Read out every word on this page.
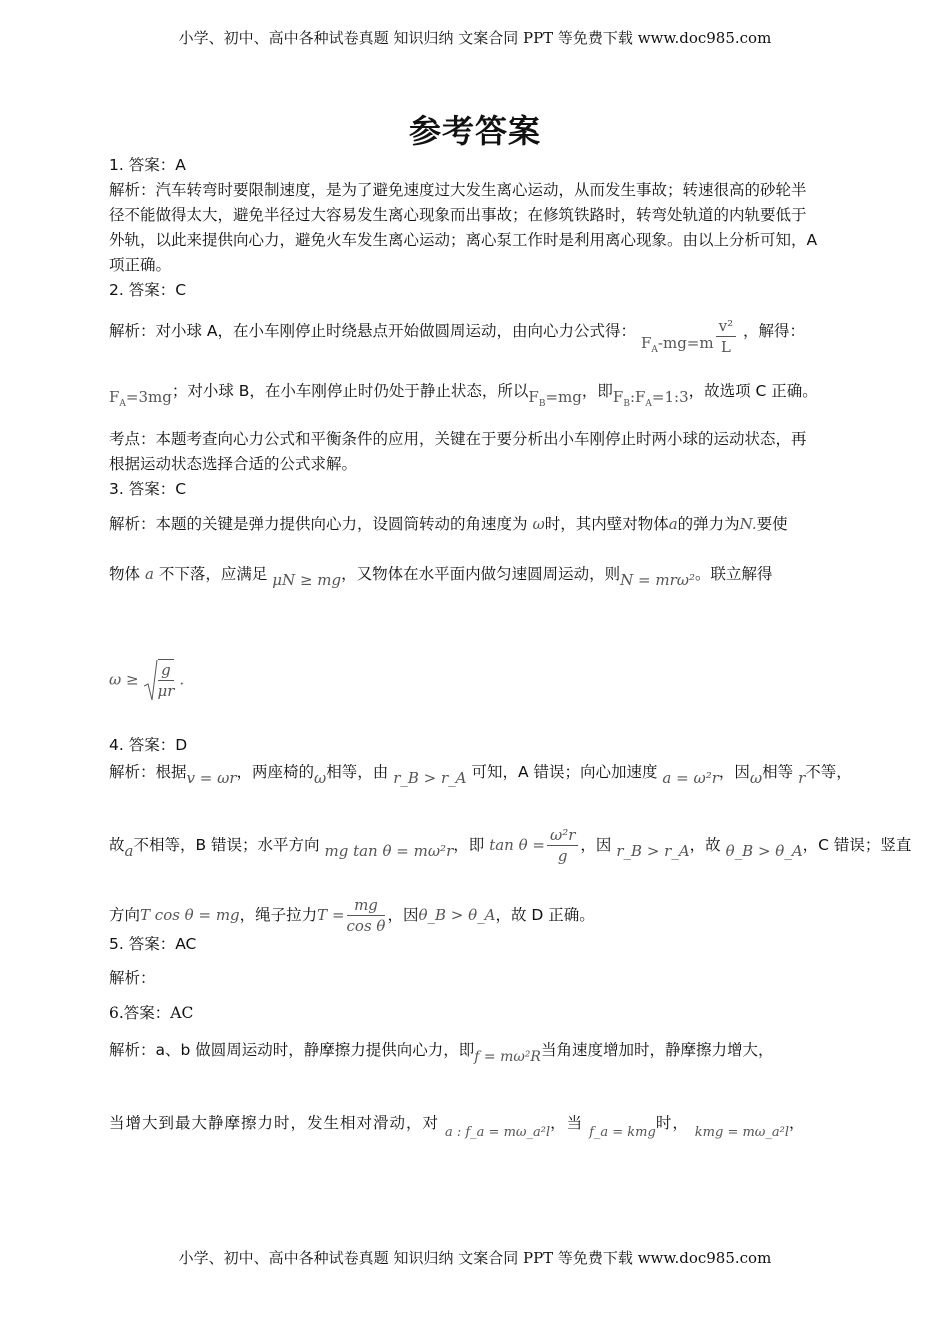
小学、初中、高中各种试卷真题 知识归纳 文案合同 PPT 等免费下载 www.doc985.com
参考答案
1. 答案：A
解析：汽车转弯时要限制速度，是为了避免速度过大发生离心运动，从而发生事故；转速很高的砂轮半
径不能做得太大，避免半径过大容易发生离心现象而出事故；在修筑铁路时，转弯处轨道的内轨要低于
外轨，以此来提供向心力，避免火车发生离心运动；离心泵工作时是利用离心现象。由以上分析可知，A
项正确。
2. 答案：C
解析：对小球 A，在小车刚停止时绕悬点开始做圆周运动，由向心力公式得： $F_A-mg=m \frac{\text{v²}}{L}$ ，解得：
$F_A=3mg$；对小球 B，在小车刚停止时仍处于静止状态，所以$F_B=mg$，即$F_B:F_A=1:3$，故选项 C 正确。
考点：本题考查向心力公式和平衡条件的应用，关键在于要分析出小车刚停止时两小球的运动状态，再
根据运动状态选择合适的公式求解。
3. 答案：C
解析：本题的关键是弹力提供向心力，设圆筒转动的角速度为 ω时，其内壁对物体a的弹力为N.要使
物体 a 不下落，应满足 μN ≥ mg，又物体在水平面内做匀速圆周运动，则N = mrω²。联立解得
$\omega \ge \frac{g}{\mu r}$ .
4. 答案：D
解析：根据v = ωr，两座椅的ω相等，由 r_B > r_A 可知，A 错误；向心加速度 a = ω²r，因ω相等 r不等，
故a不相等，B 错误；水平方向 mg tan θ = mω²r，即 $\tan \theta = \frac{\text{ω²r}}{g}$ ，因 r_B > r_A，故 θ_B > θ_A，C 错误；竖直
方向T cos θ = mg，绳子拉力$T = \frac{mg}{\text{cos θ}}$ ，因θ_B > θ_A，故 D 正确。
5. 答案：AC
解析：
6.答案：AC
解析：a、b 做圆周运动时，静摩擦力提供向心力，即f = mω²R当角速度增加时，静摩擦力增大，
当增大到最大静摩擦力时，发生相对滑动，对 $_{a : f\_a = m\omega\_a^2l}$，当 $_{f\_a = kmg}$时， $_{kmg = m\omega\_a^2l}$，
小学、初中、高中各种试卷真题 知识归纳 文案合同 PPT 等免费下载 www.doc985.com
